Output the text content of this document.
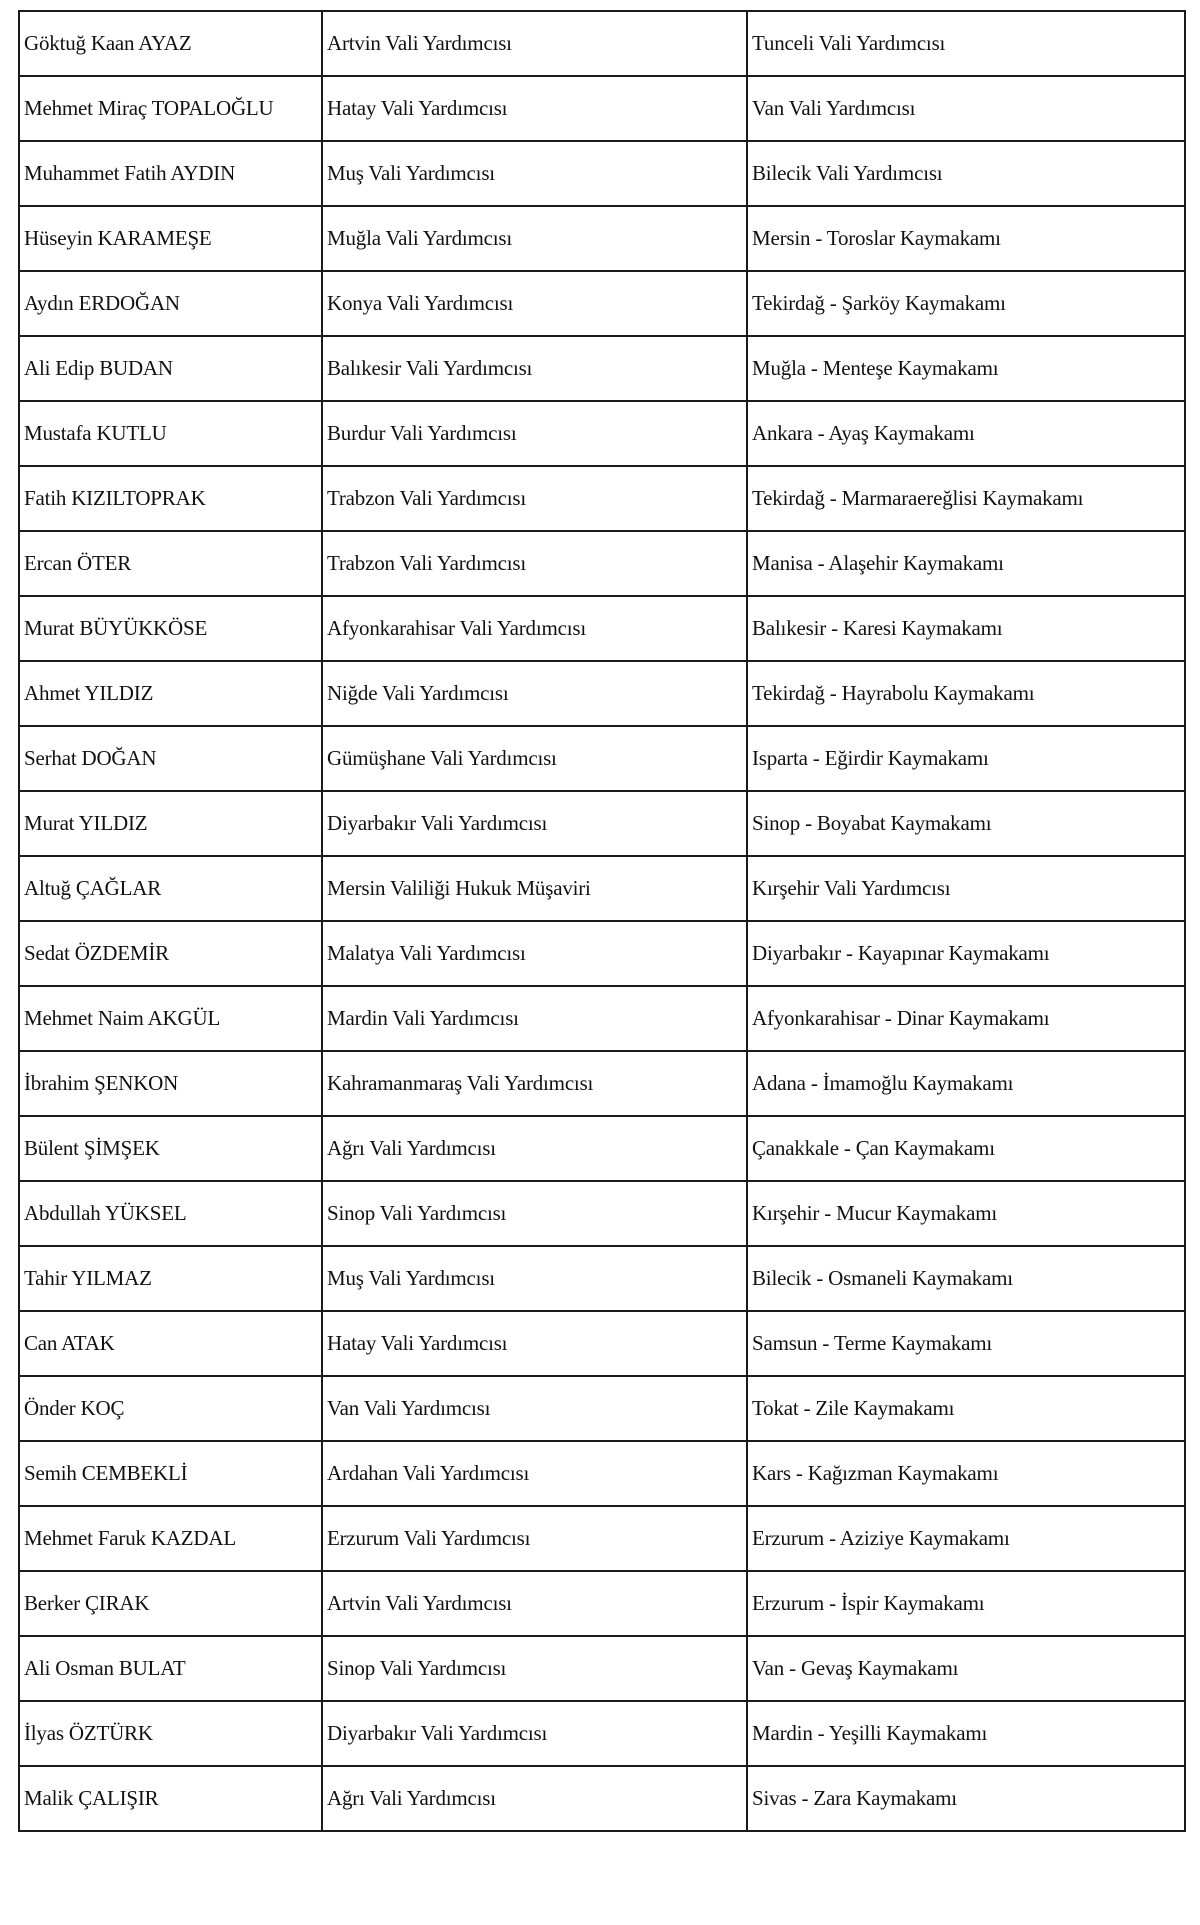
Göktuğ Kaan AYAZ	Artvin Vali Yardımcısı	Tunceli Vali Yardımcısı
Mehmet Miraç TOPALOĞLU	Hatay Vali Yardımcısı	Van Vali Yardımcısı
Muhammet Fatih AYDIN	Muş Vali Yardımcısı	Bilecik Vali Yardımcısı
Hüseyin KARAMEŞE	Muğla Vali Yardımcısı	Mersin - Toroslar Kaymakamı
Aydın ERDOĞAN	Konya Vali Yardımcısı	Tekirdağ - Şarköy Kaymakamı
Ali Edip BUDAN	Balıkesir Vali Yardımcısı	Muğla - Menteşe Kaymakamı
Mustafa KUTLU	Burdur Vali Yardımcısı	Ankara - Ayaş Kaymakamı
Fatih KIZILTOPRAK	Trabzon Vali Yardımcısı	Tekirdağ - Marmaraereğlisi Kaymakamı
Ercan ÖTER	Trabzon Vali Yardımcısı	Manisa - Alaşehir Kaymakamı
Murat BÜYÜKKÖSE	Afyonkarahisar Vali Yardımcısı	Balıkesir - Karesi Kaymakamı
Ahmet YILDIZ	Niğde Vali Yardımcısı	Tekirdağ - Hayrabolu Kaymakamı
Serhat DOĞAN	Gümüşhane Vali Yardımcısı	Isparta - Eğirdir Kaymakamı
Murat YILDIZ	Diyarbakır Vali Yardımcısı	Sinop - Boyabat Kaymakamı
Altuğ ÇAĞLAR	Mersin Valiliği Hukuk Müşaviri	Kırşehir Vali Yardımcısı
Sedat ÖZDEMİR	Malatya Vali Yardımcısı	Diyarbakır - Kayapınar Kaymakamı
Mehmet Naim AKGÜL	Mardin Vali Yardımcısı	Afyonkarahisar - Dinar Kaymakamı
İbrahim ŞENKON	Kahramanmaraş Vali Yardımcısı	Adana - İmamoğlu Kaymakamı
Bülent ŞİMŞEK	Ağrı Vali Yardımcısı	Çanakkale - Çan Kaymakamı
Abdullah YÜKSEL	Sinop Vali Yardımcısı	Kırşehir - Mucur Kaymakamı
Tahir YILMAZ	Muş Vali Yardımcısı	Bilecik - Osmaneli Kaymakamı
Can ATAK	Hatay Vali Yardımcısı	Samsun - Terme Kaymakamı
Önder KOÇ	Van Vali Yardımcısı	Tokat - Zile Kaymakamı
Semih CEMBEKLİ	Ardahan Vali Yardımcısı	Kars - Kağızman Kaymakamı
Mehmet Faruk KAZDAL	Erzurum Vali Yardımcısı	Erzurum - Aziziye Kaymakamı
Berker ÇIRAK	Artvin Vali Yardımcısı	Erzurum - İspir Kaymakamı
Ali Osman BULAT	Sinop Vali Yardımcısı	Van - Gevaş Kaymakamı
İlyas ÖZTÜRK	Diyarbakır Vali Yardımcısı	Mardin - Yeşilli Kaymakamı
Malik ÇALIŞIR	Ağrı Vali Yardımcısı	Sivas - Zara Kaymakamı
